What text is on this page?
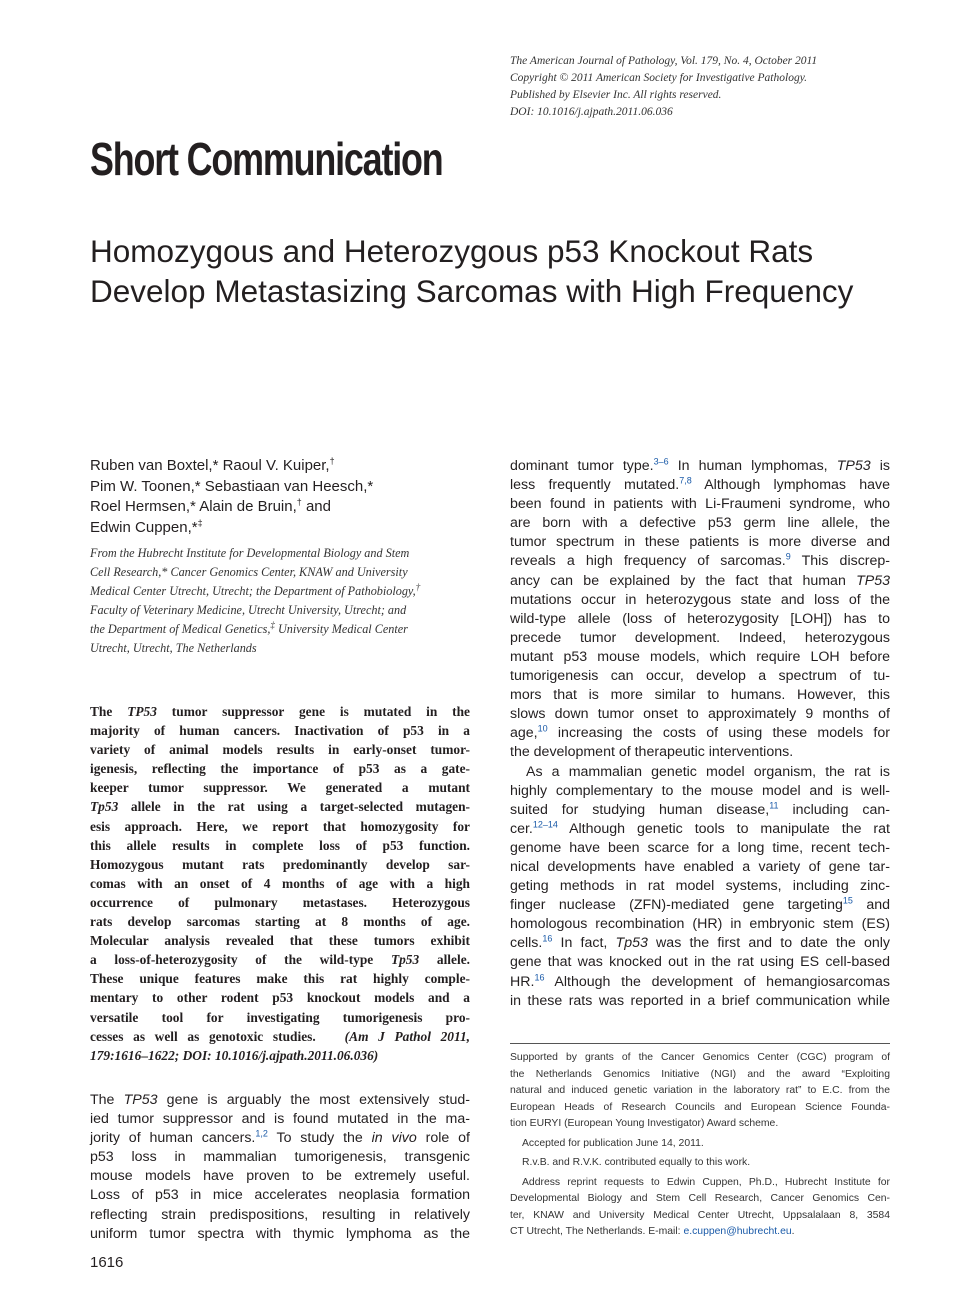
The American Journal of Pathology, Vol. 179, No. 4, October 2011
Copyright © 2011 American Society for Investigative Pathology.
Published by Elsevier Inc. All rights reserved.
DOI: 10.1016/j.ajpath.2011.06.036
Short Communication
Homozygous and Heterozygous p53 Knockout Rats Develop Metastasizing Sarcomas with High Frequency
Ruben van Boxtel,* Raoul V. Kuiper,†
Pim W. Toonen,* Sebastiaan van Heesch,*
Roel Hermsen,* Alain de Bruin,† and
Edwin Cuppen,*‡
From the Hubrecht Institute for Developmental Biology and Stem
Cell Research,* Cancer Genomics Center, KNAW and University
Medical Center Utrecht, Utrecht; the Department of Pathobiology,†
Faculty of Veterinary Medicine, Utrecht University, Utrecht; and
the Department of Medical Genetics,‡ University Medical Center
Utrecht, Utrecht, The Netherlands
The TP53 tumor suppressor gene is mutated in the
majority of human cancers. Inactivation of p53 in a
variety of animal models results in early-onset tumor-
igenesis, reflecting the importance of p53 as a gate-
keeper tumor suppressor. We generated a mutant
Tp53 allele in the rat using a target-selected mutagen-
esis approach. Here, we report that homozygosity for
this allele results in complete loss of p53 function.
Homozygous mutant rats predominantly develop sar-
comas with an onset of 4 months of age with a high
occurrence of pulmonary metastases. Heterozygous
rats develop sarcomas starting at 8 months of age.
Molecular analysis revealed that these tumors exhibit
a loss-of-heterozygosity of the wild-type Tp53 allele.
These unique features make this rat highly comple-
mentary to other rodent p53 knockout models and a
versatile tool for investigating tumorigenesis pro-
cesses as well as genotoxic studies. (Am J Pathol 2011,
179:1616–1622; DOI: 10.1016/j.ajpath.2011.06.036)
The TP53 gene is arguably the most extensively stud-
ied tumor suppressor and is found mutated in the ma-
jority of human cancers.$^{1,2}$ To study the in vivo role of
p53 loss in mammalian tumorigenesis, transgenic
mouse models have proven to be extremely useful.
Loss of p53 in mice accelerates neoplasia formation
reflecting strain predispositions, resulting in relatively
uniform tumor spectra with thymic lymphoma as the
dominant tumor type.$^{3-6}$ In human lymphomas, TP53 is
less frequently mutated.$^{7,8}$ Although lymphomas have
been found in patients with Li-Fraumeni syndrome, who
are born with a defective p53 germ line allele, the
tumor spectrum in these patients is more diverse and
reveals a high frequency of sarcomas.$^9$ This discrep-
ancy can be explained by the fact that human TP53
mutations occur in heterozygous state and loss of the
wild-type allele (loss of heterozygosity [LOH]) has to
precede tumor development. Indeed, heterozygous
mutant p53 mouse models, which require LOH before
tumorigenesis can occur, develop a spectrum of tu-
mors that is more similar to humans. However, this
slows down tumor onset to approximately 9 months of
age,$^{10}$ increasing the costs of using these models for
the development of therapeutic interventions.
As a mammalian genetic model organism, the rat is
highly complementary to the mouse model and is well-
suited for studying human disease,$^{11}$ including can-
cer.$^{12-14}$ Although genetic tools to manipulate the rat
genome have been scarce for a long time, recent tech-
nical developments have enabled a variety of gene tar-
geting methods in rat model systems, including zinc-
finger nuclease (ZFN)-mediated gene targeting$^{15}$ and
homologous recombination (HR) in embryonic stem (ES)
cells.$^{16}$ In fact, Tp53 was the first and to date the only
gene that was knocked out in the rat using ES cell-based
HR.$^{16}$ Although the development of hemangiosarcomas
in these rats was reported in a brief communication while
Supported by grants of the Cancer Genomics Center (CGC) program of
the Netherlands Genomics Initiative (NGI) and the award “Exploiting
natural and induced genetic variation in the laboratory rat” to E.C. from the
European Heads of Research Councils and European Science Founda-
tion EURYI (European Young Investigator) Award scheme.
Accepted for publication June 14, 2011.
R.v.B. and R.V.K. contributed equally to this work.
Address reprint requests to Edwin Cuppen, Ph.D., Hubrecht Institute for
Developmental Biology and Stem Cell Research, Cancer Genomics Cen-
ter, KNAW and University Medical Center Utrecht, Uppsalalaan 8, 3584
CT Utrecht, The Netherlands. E-mail: e.cuppen@hubrecht.eu.
1616
